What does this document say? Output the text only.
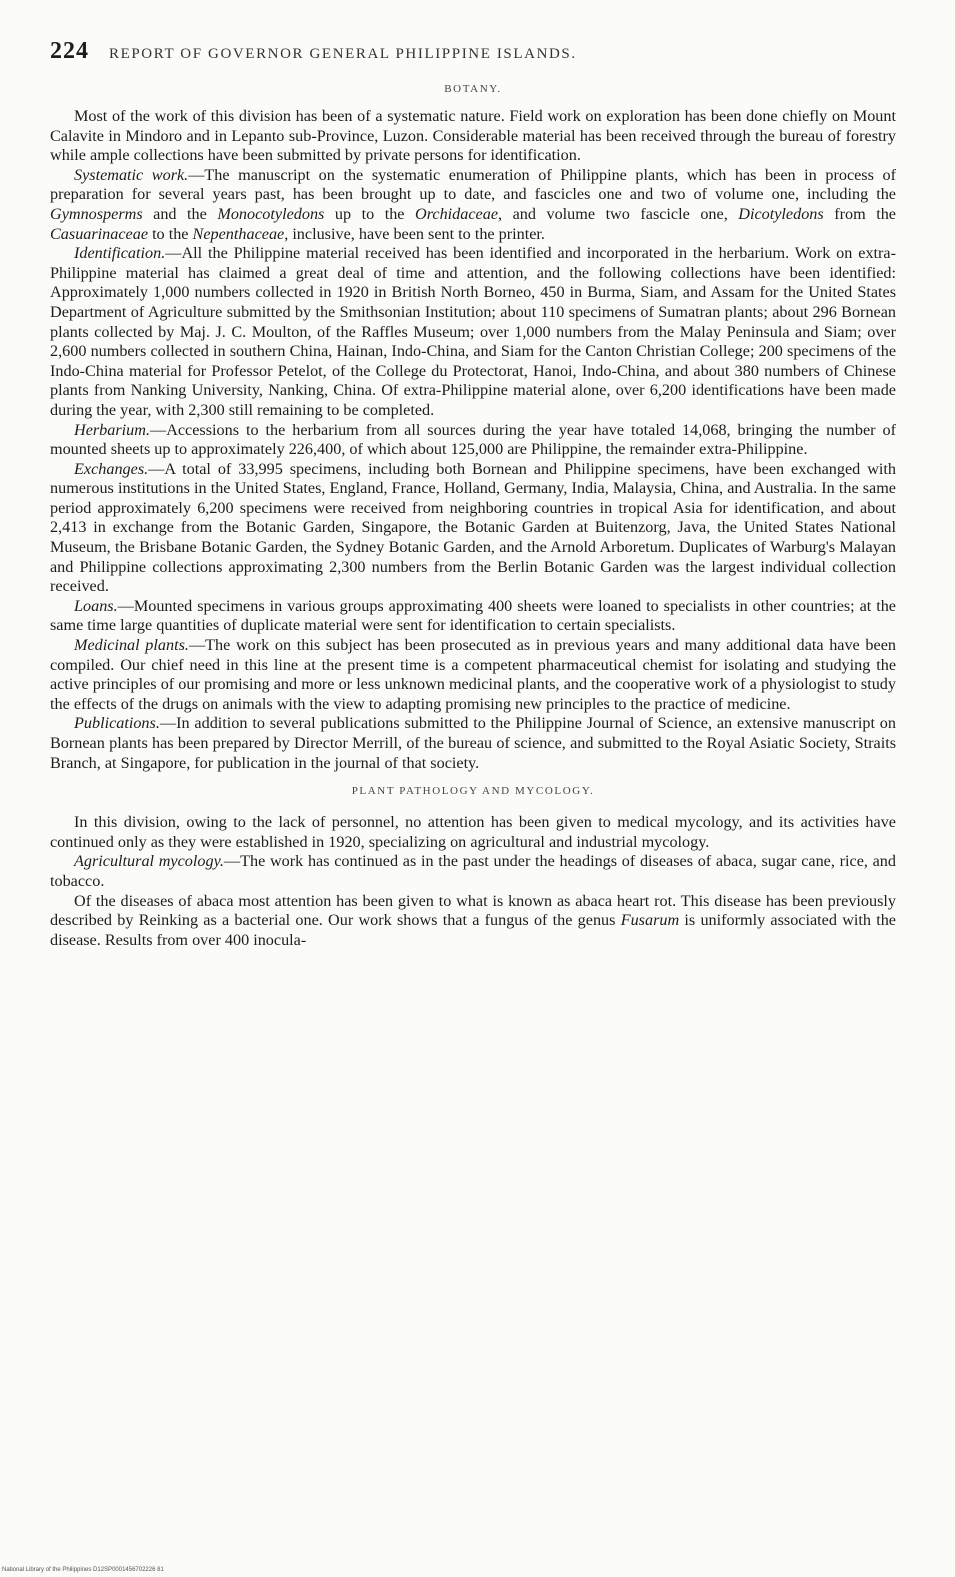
224 REPORT OF GOVERNOR GENERAL PHILIPPINE ISLANDS.
BOTANY.

Most of the work of this division has been of a systematic nature. Field work on exploration has been done chiefly on Mount Calavite in Mindoro and in Lepanto sub-Province, Luzon. Considerable material has been received through the bureau of forestry while ample collections have been submitted by private persons for identification.

Systematic work.—The manuscript on the systematic enumeration of Philippine plants, which has been in process of preparation for several years past, has been brought up to date, and fascicles one and two of volume one, including the Gymnosperms and the Monocotyledons up to the Orchidaceae, and volume two fascicle one, Dicotyledons from the Casuarinaceae to the Nepenthaceae, inclusive, have been sent to the printer.

Identification.—All the Philippine material received has been identified and incorporated in the herbarium. Work on extra-Philippine material has claimed a great deal of time and attention, and the following collections have been identified: Approximately 1,000 numbers collected in 1920 in British North Borneo, 450 in Burma, Siam, and Assam for the United States Department of Agriculture submitted by the Smithsonian Institution; about 110 specimens of Sumatran plants; about 296 Bornean plants collected by Maj. J. C. Moulton, of the Raffles Museum; over 1,000 numbers from the Malay Peninsula and Siam; over 2,600 numbers collected in southern China, Hainan, Indo-China, and Siam for the Canton Christian College; 200 specimens of the Indo-China material for Professor Petelot, of the College du Protectorat, Hanoi, Indo-China, and about 380 numbers of Chinese plants from Nanking University, Nanking, China. Of extra-Philippine material alone, over 6,200 identifications have been made during the year, with 2,300 still remaining to be completed.

Herbarium.—Accessions to the herbarium from all sources during the year have totaled 14,068, bringing the number of mounted sheets up to approximately 226,400, of which about 125,000 are Philippine, the remainder extra-Philippine.

Exchanges.—A total of 33,995 specimens, including both Bornean and Philippine specimens, have been exchanged with numerous institutions in the United States, England, France, Holland, Germany, India, Malaysia, China, and Australia. In the same period approximately 6,200 specimens were received from neighboring countries in tropical Asia for identification, and about 2,413 in exchange from the Botanic Garden, Singapore, the Botanic Garden at Buitenzorg, Java, the United States National Museum, the Brisbane Botanic Garden, the Sydney Botanic Garden, and the Arnold Arboretum. Duplicates of Warburg's Malayan and Philippine collections approximating 2,300 numbers from the Berlin Botanic Garden was the largest individual collection received.

Loans.—Mounted specimens in various groups approximating 400 sheets were loaned to specialists in other countries; at the same time large quantities of duplicate material were sent for identification to certain specialists.

Medicinal plants.—The work on this subject has been prosecuted as in previous years and many additional data have been compiled. Our chief need in this line at the present time is a competent pharmaceutical chemist for isolating and studying the active principles of our promising and more or less unknown medicinal plants, and the cooperative work of a physiologist to study the effects of the drugs on animals with the view to adapting promising new principles to the practice of medicine.

Publications.—In addition to several publications submitted to the Philippine Journal of Science, an extensive manuscript on Bornean plants has been prepared by Director Merrill, of the bureau of science, and submitted to the Royal Asiatic Society, Straits Branch, at Singapore, for publication in the journal of that society.

PLANT PATHOLOGY AND MYCOLOGY.

In this division, owing to the lack of personnel, no attention has been given to medical mycology, and its activities have continued only as they were established in 1920, specializing on agricultural and industrial mycology.

Agricultural mycology.—The work has continued as in the past under the headings of diseases of abaca, sugar cane, rice, and tobacco.

Of the diseases of abaca most attention has been given to what is known as abaca heart rot. This disease has been previously described by Reinking as a bacterial one. Our work shows that a fungus of the genus Fusarum is uniformly associated with the disease. Results from over 400 inocula-

National Library of the Philippines D12SP0001456702226 81
